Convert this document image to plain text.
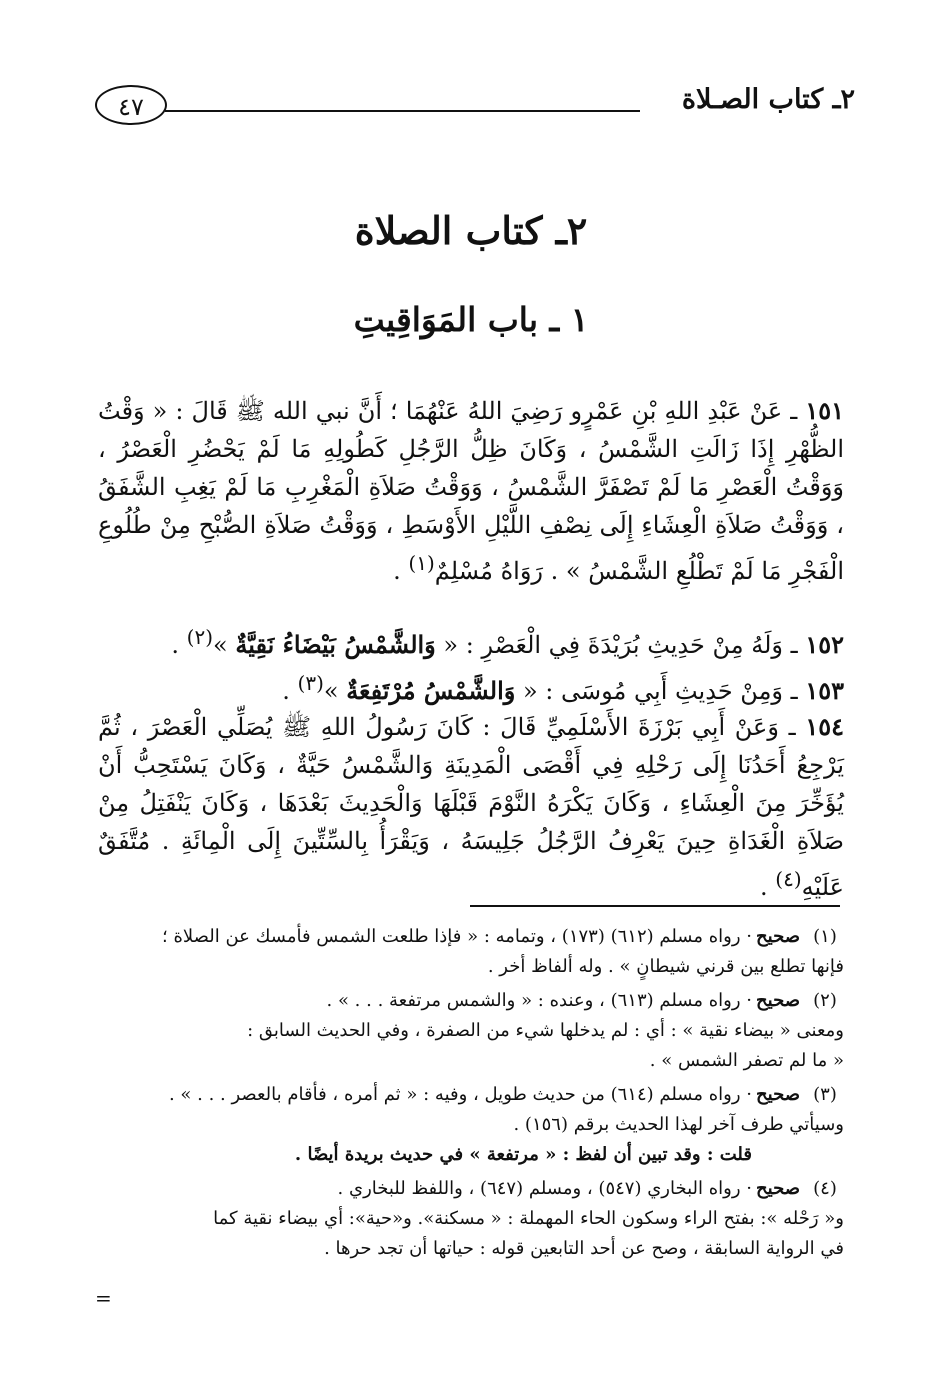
٢ـ كتاب الصـلاة
٤٧
٢ـ كتاب الصلاة
١ ـ باب المَوَاقِيتِ

١٥١ ـ عَنْ عَبْدِ اللهِ بْنِ عَمْرٍو رَضِيَ اللهُ عَنْهُمَا ؛ أَنَّ نبي الله ﷺ قَالَ : « وَقْتُ الظُّهْرِ إِذَا زَالَتِ الشَّمْسُ ، وَكَانَ ظِلُّ الرَّجُلِ كَطُولِهِ مَا لَمْ يَحْضُرِ الْعَصْرُ ، وَوَقْتُ الْعَصْرِ مَا لَمْ تَصْفَرَّ الشَّمْسُ ، وَوَقْتُ صَلاَةِ الْمَغْرِبِ مَا لَمْ يَغِبِ الشَّفَقُ ، وَوَقْتُ صَلاَةِ الْعِشَاءِ إِلَى نِصْفِ اللَّيْلِ الأَوْسَطِ ، وَوَقْتُ صَلاَةِ الصُّبْحِ مِنْ طُلُوعِ الْفَجْرِ مَا لَمْ تَطْلُعِ الشَّمْسُ » . رَوَاهُ مُسْلِمٌ$^{(١)}$ .

١٥٢ ـ وَلَهُ مِنْ حَدِيثِ بُرَيْدَةَ فِي الْعَصْرِ : « وَالشَّمْسُ بَيْضَاءُ نَقِيَّةٌ »$^{(٢)}$ .

١٥٣ ـ وَمِنْ حَدِيثِ أَبِي مُوسَى : « وَالشَّمْسُ مُرْتَفِعَةٌ »$^{(٣)}$ .

١٥٤ ـ وَعَنْ أَبِي بَرْزَةَ الأَسْلَمِيِّ قَالَ : كَانَ رَسُولُ اللهِ ﷺ يُصَلِّي الْعَصْرَ ، ثُمَّ يَرْجِعُ أَحَدُنَا إِلَى رَحْلِهِ فِي أَقْصَى الْمَدِينَةِ وَالشَّمْسُ حَيَّةٌ ، وَكَانَ يَسْتَحِبُّ أَنْ يُؤَخِّرَ مِنَ الْعِشَاءِ ، وَكَانَ يَكْرَهُ النَّوْمَ قَبْلَهَا وَالْحَدِيثَ بَعْدَهَا ، وَكَانَ يَنْفَتِلُ مِنْ صَلاَةِ الْغَدَاةِ حِينَ يَعْرِفُ الرَّجُلُ جَلِيسَهُ ، وَيَقْرَأُ بِالسِّتِّينَ إِلَى الْمِائَةِ . مُتَّفَقٌ عَلَيْهِ$^{(٤)}$ .

(١)
صحيح

· رواه مسلم (٦١٢) (١٧٣) ، وتمامه : « فإذا طلعت الشمس فأمسك عن الصلاة ؛

فإنها تطلع بين قرني شيطانٍ » . وله ألفاظ أخر .

(٢)
صحيح

· رواه مسلم (٦١٣) ، وعنده : « والشمس مرتفعة . . . » .

ومعنى « بيضاء نقية » : أي : لم يدخلها شيء من الصفرة ، وفي الحديث السابق :

« ما لم تصفر الشمس » .

(٣)
صحيح

· رواه مسلم (٦١٤) من حديث طويل ، وفيه : « ثم أمره ، فأقام بالعصر . . . » .

وسيأتي طرف آخر لهذا الحديث برقم (١٥٦) .

قلت : وقد تبين أن لفظ : « مرتفعة » في حديث بريدة أيضًا .

(٤)
صحيح

· رواه البخاري (٥٤٧) ، ومسلم (٦٤٧) ، واللفظ للبخاري .

و« رَحْله »: بفتح الراء وسكون الحاء المهملة : « مسكنة». و«حية»: أي بيضاء نقية كما

في الرواية السابقة ، وصح عن أحد التابعين قوله : حياتها أن تجد حرها .

=
